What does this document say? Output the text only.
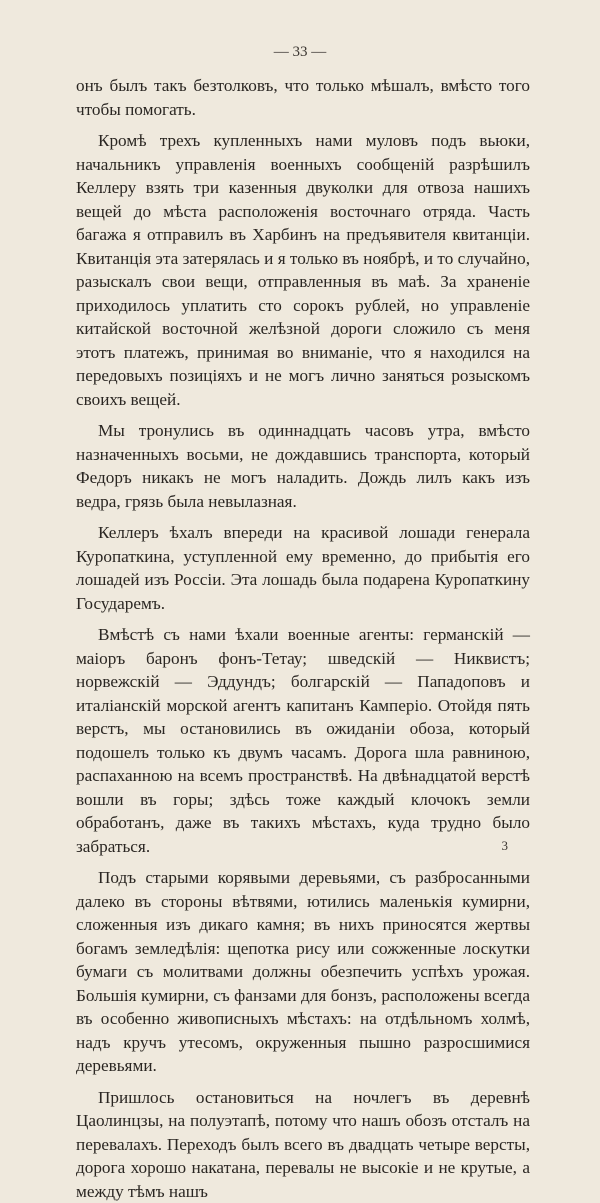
— 33 —

онъ былъ такъ безтолковъ, что только мѣшалъ, вмѣсто того чтобы помогать.

Кромѣ трехъ купленныхъ нами муловъ подъ вьюки, начальникъ управленія военныхъ сообщеній разрѣшилъ Келлеру взять три казенныя двуколки для отвоза нашихъ вещей до мѣста расположенія восточнаго отряда. Часть багажа я отправилъ въ Харбинъ на предъявителя квитанціи. Квитанція эта затерялась и я только въ ноябрѣ, и то случайно, разыскалъ свои вещи, отправленныя въ маѣ. За храненіе приходилось уплатить сто сорокъ рублей, но управленіе китайской восточной желѣзной дороги сложило съ меня этотъ платежъ, принимая во вниманіе, что я находился на передовыхъ позиціяхъ и не могъ лично заняться розыскомъ своихъ вещей.

Мы тронулись въ одиннадцать часовъ утра, вмѣсто назначенныхъ восьми, не дождавшись транспорта, который Федоръ никакъ не могъ наладить. Дождь лилъ какъ изъ ведра, грязь была невылазная.

Келлеръ ѣхалъ впереди на красивой лошади генерала Куропаткина, уступленной ему временно, до прибытія его лошадей изъ Россіи. Эта лошадь была подарена Куропаткину Государемъ.

Вмѣстѣ съ нами ѣхали военные агенты: германскій — маіоръ баронъ фонъ-Тетау; шведскій — Никвистъ; норвежскій — Эддундъ; болгарскій — Пападоповъ и италіанскій морской агентъ капитанъ Камперіо. Отойдя пять верстъ, мы остановились въ ожиданіи обоза, который подошелъ только къ двумъ часамъ. Дорога шла равниною, распаханною на всемъ пространствѣ. На двѣнадцатой верстѣ вошли въ горы; здѣсь тоже каждый клочокъ земли обработанъ, даже въ такихъ мѣстахъ, куда трудно было забраться.

Подъ старыми корявыми деревьями, съ разбросанными далеко въ стороны вѣтвями, ютились маленькія кумирни, сложенныя изъ дикаго камня; въ нихъ приносятся жертвы богамъ земледѣлія: щепотка рису или сожженные лоскутки бумаги съ молитвами должны обезпечить успѣхъ урожая. Большія кумирни, съ фанзами для бонзъ, расположены всегда въ особенно живописныхъ мѣстахъ: на отдѣльномъ холмѣ, надъ кручъ утесомъ, окруженныя пышно разросшимися деревьями.

Пришлось остановиться на ночлегъ въ деревнѣ Цаолинцзы, на полуэтапѣ, потому что нашъ обозъ отсталъ на перевалахъ. Переходъ былъ всего въ двадцать четыре версты, дорога хорошо накатана, перевалы не высокіе и не крутые, а между тѣмъ нашъ

3
